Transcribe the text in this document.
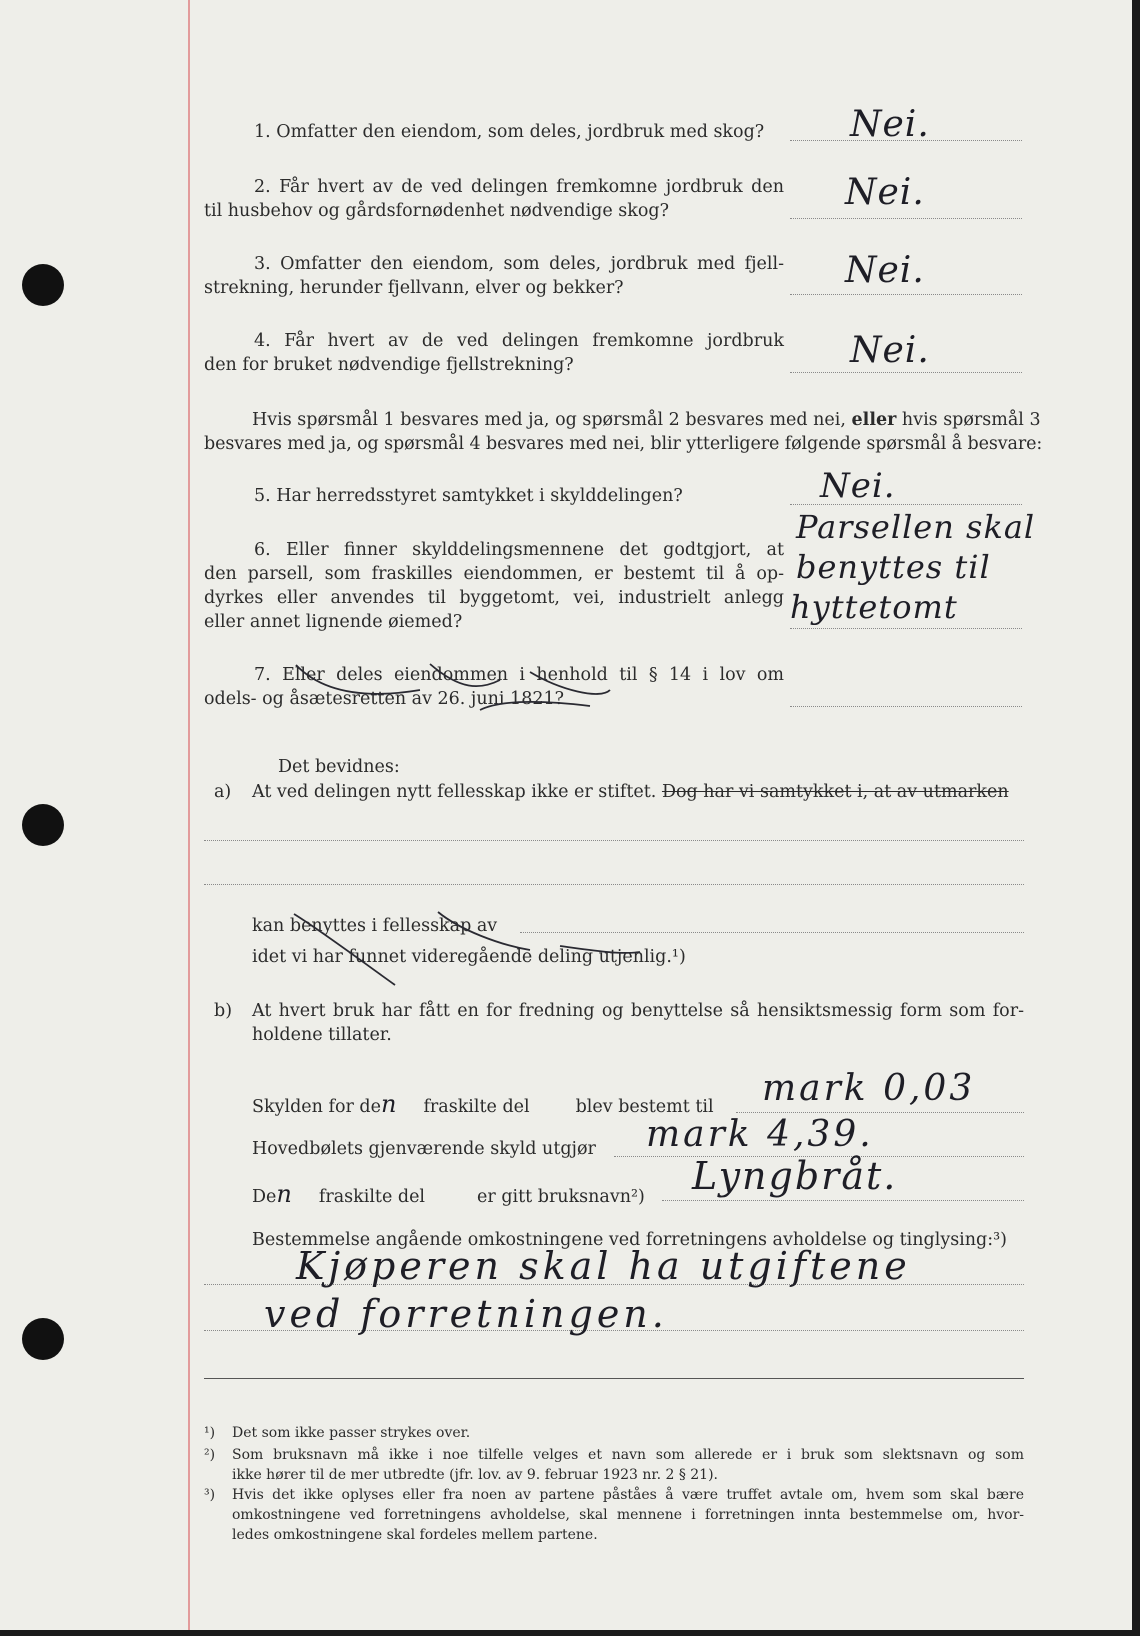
1. Omfatter den eiendom, som deles, jordbruk med skog? Nei.
2. Får hvert av de ved delingen fremkomne jordbruk den
til husbehov og gårdsfornødenhet nødvendige skog?	Nei.
3. Omfatter den eiendom, som deles, jordbruk med fjell-
strekning, herunder fjellvann, elver og bekker?	Nei.
4. Får hvert av de ved delingen fremkomne jordbruk
den for bruket nødvendige fjellstrekning?	Nei.
Hvis spørsmål 1 besvares med ja, og spørsmål 2 besvares med nei, eller hvis spørsmål 3
besvares med ja, og spørsmål 4 besvares med nei, blir ytterligere følgende spørsmål å besvare:
5. Har herredsstyret samtykket i skylddelingen?	Nei.
6. Eller finner skylddelingsmennene det godtgjort, at
den parsell, som fraskilles eiendommen, er bestemt til å op-
dyrkes eller anvendes til byggetomt, vei, industrielt anlegg
eller annet lignende øiemed?
Parsellen skal
benyttes til
hyttetomt
7. Eller deles eiendommen i henhold til § 14 i lov om
odels- og åsætesretten av 26. juni 1821?
Det bevidnes:
a) At ved delingen nytt fellesskap ikke er stiftet. Dog har vi samtykket i, at av utmarken
kan benyttes i fellesskap av
idet vi har funnet videregående deling utjenlig.¹)
b) At hvert bruk har fått en for fredning og benyttelse så hensiktsmessig form som for-
holdene tillater.
Skylden for den fraskilte del	blev bestemt til mark 0,03
Hovedbølets gjenværende skyld utgjør mark 4,39.
Den fraskilte del	er gitt bruksnavn²) Lyngbråt.
Bestemmelse angående omkostningene ved forretningens avholdelse og tinglysing:³)
Kjøperen skal ha utgiftene
ved forretningen.
¹) Det som ikke passer strykes over.
²) Som bruksnavn må ikke i noe tilfelle velges et navn som allerede er i bruk som slektsnavn og som
ikke hører til de mer utbredte (jfr. lov. av 9. februar 1923 nr. 2 § 21).
³) Hvis det ikke oplyses eller fra noen av partene påståes å være truffet avtale om, hvem som skal bære
omkostningene ved forretningens avholdelse, skal mennene i forretningen innta bestemmelse om, hvor-
ledes omkostningene skal fordeles mellem partene.
